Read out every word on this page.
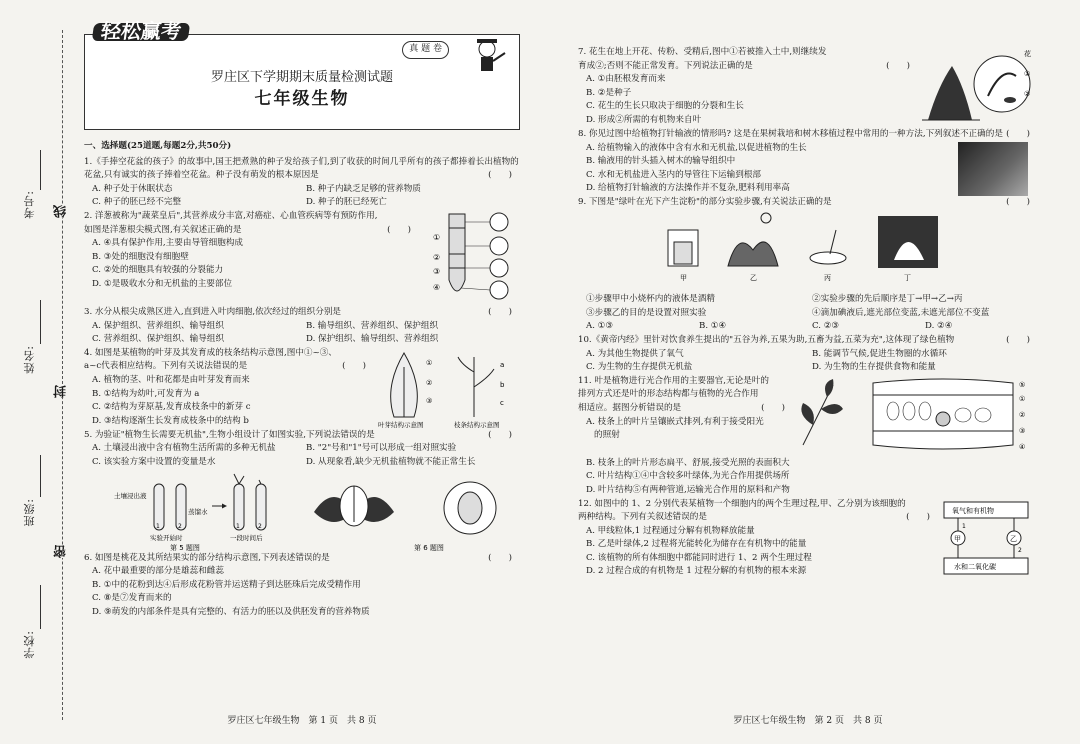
考号:
姓名:
班级:
学校:
线
封
密
轻松赢考
真 题 卷
罗庄区下学期期末质量检测试题
七年级生物
一、选择题(25道题,每题2分,共50分)
1.《手捧空花盆的孩子》的故事中,国王把煮熟的种子发给孩子们,到了收获的时间几乎所有的孩子都捧着长出植物的花盆,只有诚实的孩子捧着空花盆。种子没有萌发的根本原因是	(　　)
A. 种子处于休眠状态	B. 种子内缺乏足够的营养物质
C. 种子的胚已经不完整	D. 种子的胚已经死亡
2. 洋葱被称为"蔬菜皇后",其营养成分丰富,对癌症、心血管疾病等有预防作用,
如图是洋葱根尖模式图,有关叙述正确的是	(　　)
A. ④具有保护作用,主要由导管细胞构成
B. ③处的细胞没有细胞壁
C. ②处的细胞具有较强的分裂能力
D. ①是吸收水分和无机盐的主要部位
①
②
③
④
3. 水分从根尖成熟区进入,直到进入叶肉细胞,依次经过的组织分别是	(　　)
A. 保护组织、营养组织、输导组织	B. 输导组织、营养组织、保护组织
C. 营养组织、保护组织、输导组织	D. 保护组织、输导组织、营养组织
4. 如图是某植物的叶芽及其发育成的枝条结构示意图,图中①~③、
a~c代表相应结构。下列有关说法错误的是	(　　)
A. 植物的茎、叶和花都是由叶芽发育而来
B. ①结构为幼叶,可发育为 a
C. ②结构为芽原基,发育成枝条中的新芽 c
D. ③结构逐渐生长发育成枝条中的结构 b
①
②
③
a
b
c
叶芽结构示意图	枝条结构示意图
5. 为验证"植物生长需要无机盐",生物小组设计了如图实验,下列说法错误的是	(　　)
A. 土壤浸出液中含有植物生活所需的多种无机盐	B. "2"号和"1"号可以形成一组对照实验
C. 该实验方案中设置的变量是水	D. 从现象看,缺少无机盐植物就不能正常生长
土壤浸出液
蒸馏水
1	2	1	2
实验开始时	一段时间后
第 5 题图	第 6 题图
6. 如图是桃花及其所结果实的部分结构示意图,下列表述错误的是	(　　)
A. 花中最重要的部分是雄蕊和雌蕊
B. ①中的花粉到达④后形成花粉管并运送精子到达胚珠后完成受精作用
C. ⑧是⑦发育而来的
D. ⑨萌发的内部条件是具有完整的、有活力的胚以及供胚发育的营养物质
罗庄区七年级生物　第 1 页　共 8 页
7. 花生在地上开花、传粉、受精后,图中①若被推入土中,则继续发
育成②;否则不能正常发育。下列说法正确的是	(　　)
A. ①由胚根发育而来
B. ②是种子
C. 花生的生长只取决于细胞的分裂和生长
D. 形成②所需的有机物来自叶
花
①
②
8. 你见过图中给植物打针输液的情形吗? 这是在果树栽培和树木移植过程中常用的一种方法,下列叙述不正确的是 (　　)
A. 给植物输入的液体中含有水和无机盐,以促进植物的生长
B. 输液用的针头插入树木的输导组织中
C. 水和无机盐进入茎内的导管往下运输到根部
D. 给植物打针输液的方法操作并不复杂,肥料利用率高
9. 下图是"绿叶在光下产生淀粉"的部分实验步骤,有关说法正确的是	(　　)
甲	乙	丙	丁
①步骤甲中小烧杯内的液体是酒精	②实验步骤的先后顺序是丁→甲→乙→丙
③步骤乙的目的是设置对照实验	④滴加碘液后,遮光部位变蓝,未遮光部位不变蓝
A. ①③	B. ①④	C. ②③	D. ②④
10.《黄帝内经》里针对饮食养生提出的"五谷为养,五果为助,五畜为益,五菜为充",这体现了绿色植物	(　　)
A. 为其他生物提供了氧气	B. 能调节气候,促进生物圈的水循环
C. 为生物的生存提供无机盐	D. 为生物的生存提供食物和能量
11. 叶是植物进行光合作用的主要器官,无论是叶的
排列方式还是叶的形态结构都与植物的光合作用
相适应。据图分析错误的是	(　　)
A. 枝条上的叶片呈镶嵌式排列,有利于接受阳光
的照射
⑤
①
②
③
④
B. 枝条上的叶片形态扁平、舒展,接受光照的表面积大
C. 叶片结构①④中含较多叶绿体,为光合作用提供场所
D. 叶片结构⑤有两种管道,运输光合作用的原料和产物
12. 如图中的 1、2 分别代表某植物一个细胞内的两个生理过程,甲、乙分别为该细胞的
两种结构。下列有关叙述错误的是	(　　)
A. 甲线粒体,1 过程通过分解有机物释放能量
B. 乙是叶绿体,2 过程将光能转化为储存在有机物中的能量
C. 该植物的所有体细胞中都能同时进行 1、2 两个生理过程
D. 2 过程合成的有机物是 1 过程分解的有机物的根本来源
氧气和有机物
水和二氧化碳
甲	乙
1
2
罗庄区七年级生物　第 2 页　共 8 页
